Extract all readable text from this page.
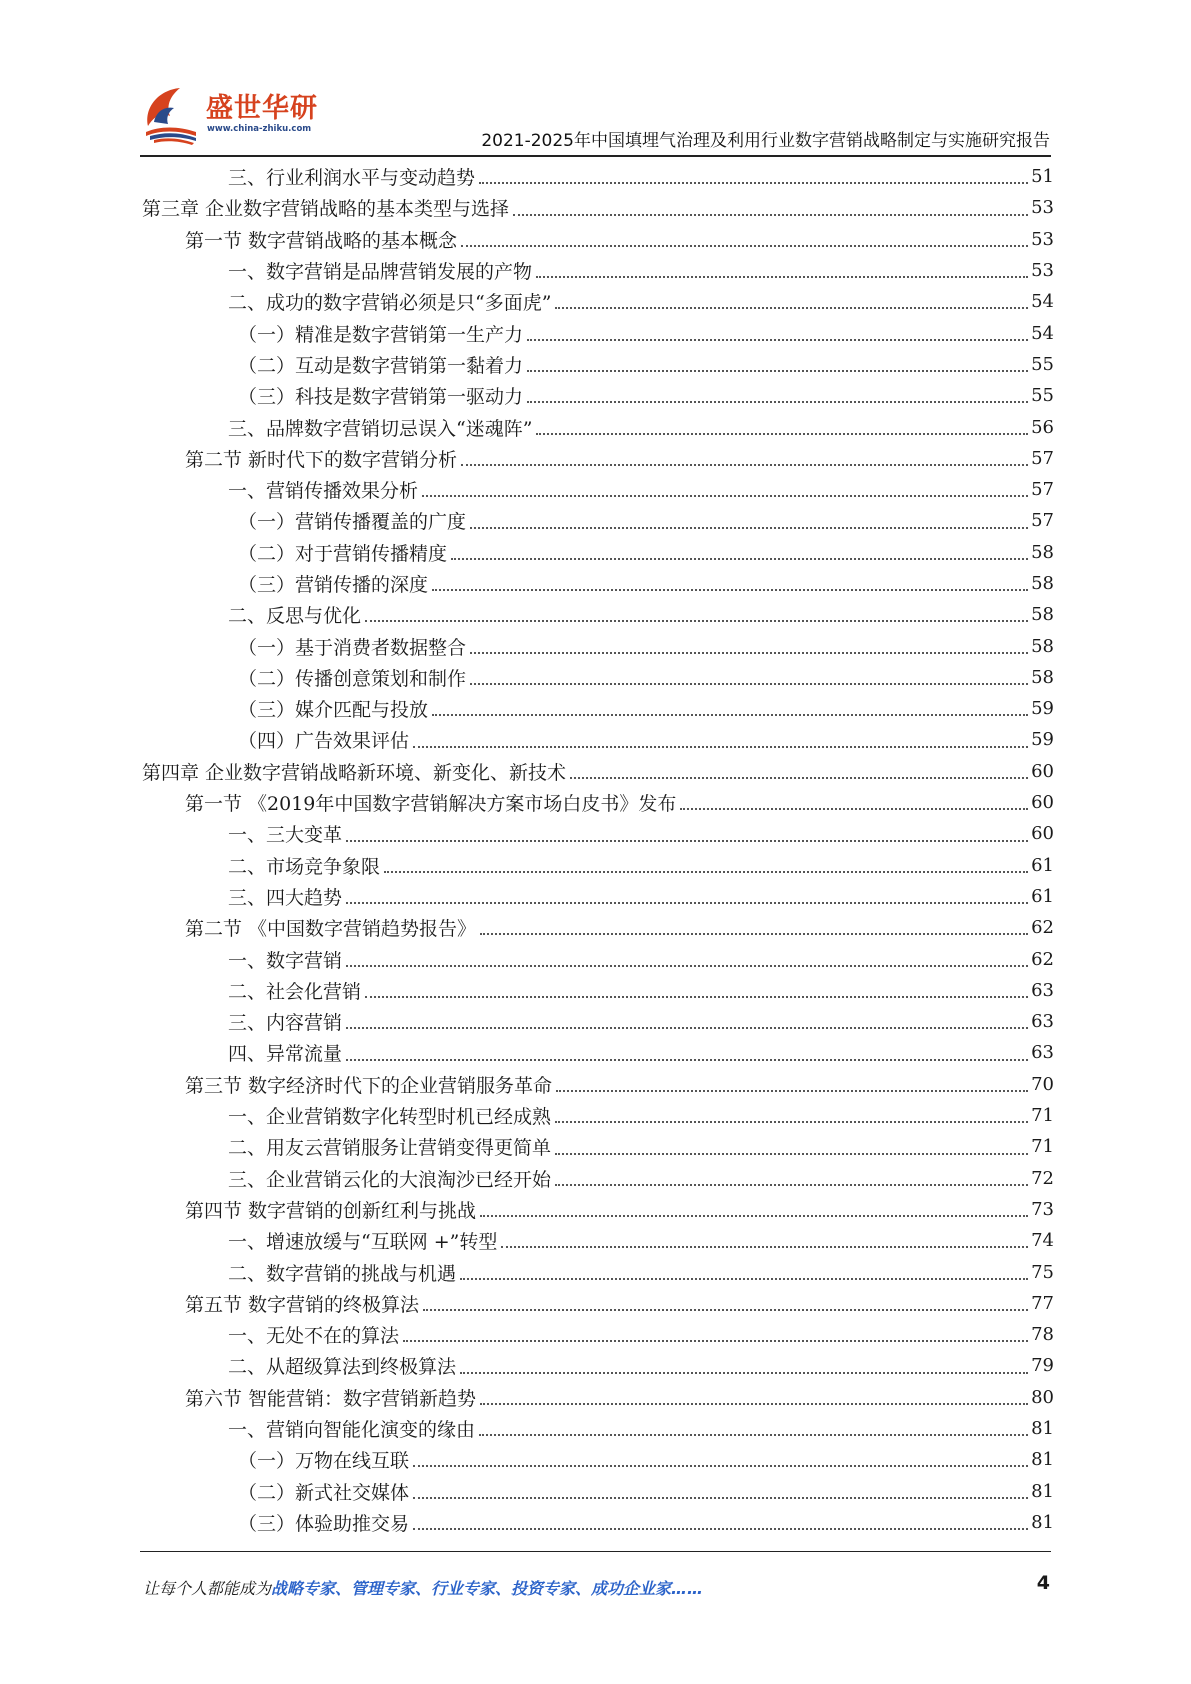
盛世华研
www.china-zhiku.com
2021-2025年中国填埋气治理及利用行业数字营销战略制定与实施研究报告
三、行业利润水平与变动趋势	51
第三章 企业数字营销战略的基本类型与选择	53
第一节 数字营销战略的基本概念	53
一、数字营销是品牌营销发展的产物	53
二、成功的数字营销必须是只“多面虎”	54
（一）精准是数字营销第一生产力	54
（二）互动是数字营销第一黏着力	55
（三）科技是数字营销第一驱动力	55
三、品牌数字营销切忌误入“迷魂阵”	56
第二节 新时代下的数字营销分析	57
一、营销传播效果分析	57
（一）营销传播覆盖的广度	57
（二）对于营销传播精度	58
（三）营销传播的深度	58
二、反思与优化	58
（一）基于消费者数据整合	58
（二）传播创意策划和制作	58
（三）媒介匹配与投放	59
（四）广告效果评估	59
第四章 企业数字营销战略新环境、新变化、新技术	60
第一节 《2019年中国数字营销解决方案市场白皮书》发布	60
一、三大变革	60
二、市场竞争象限	61
三、四大趋势	61
第二节 《中国数字营销趋势报告》	62
一、数字营销	62
二、社会化营销	63
三、内容营销	63
四、异常流量	63
第三节 数字经济时代下的企业营销服务革命	70
一、企业营销数字化转型时机已经成熟	71
二、用友云营销服务让营销变得更简单	71
三、企业营销云化的大浪淘沙已经开始	72
第四节 数字营销的创新红利与挑战	73
一、增速放缓与“互联网 +”转型	74
二、数字营销的挑战与机遇	75
第五节 数字营销的终极算法	77
一、无处不在的算法	78
二、从超级算法到终极算法	79
第六节 智能营销：数字营销新趋势	80
一、营销向智能化演变的缘由	81
（一）万物在线互联	81
（二）新式社交媒体	81
（三）体验助推交易	81
让每个人都能成为战略专家、管理专家、行业专家、投资专家、成功企业家……	4
